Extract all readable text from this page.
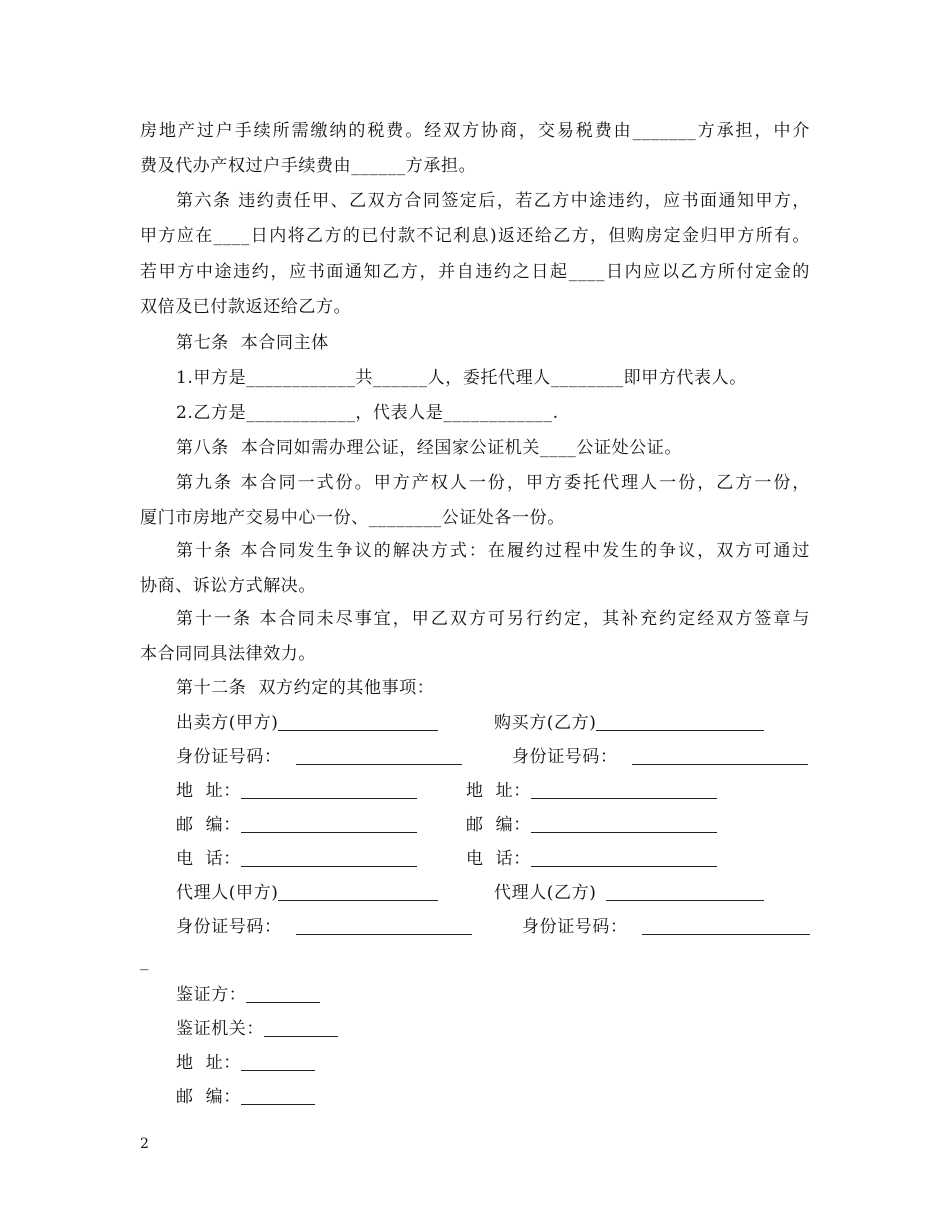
房地产过户手续所需缴纳的税费。经双方协商，交易税费由_______方承担，中介
费及代办产权过户手续费由______方承担。
第六条 违约责任甲、乙双方合同签定后，若乙方中途违约，应书面通知甲方，
甲方应在____日内将乙方的已付款不记利息)返还给乙方，但购房定金归甲方所有。
若甲方中途违约，应书面通知乙方，并自违约之日起____日内应以乙方所付定金的
双倍及已付款返还给乙方。
第七条  本合同主体
1.甲方是____________共______人，委托代理人________即甲方代表人。
2.乙方是____________，代表人是____________.
第八条  本合同如需办理公证，经国家公证机关____公证处公证。
第九条 本合同一式份。甲方产权人一份，甲方委托代理人一份，乙方一份，
厦门市房地产交易中心一份、________公证处各一份。
第十条 本合同发生争议的解决方式：在履约过程中发生的争议，双方可通过
协商、诉讼方式解决。
第十一条 本合同未尽事宜，甲乙双方可另行约定，其补充约定经双方签章与
本合同同具法律效力。
第十二条  双方约定的其他事项：
出卖方(甲方)	购买方(乙方)
身份证号码：	身份证号码：
地  址：	地  址：
邮  编：	邮  编：
电  话：	电  话：
代理人(甲方)	代理人(乙方)
身份证号码：	身份证号码：
_
鉴证方：
鉴证机关：
地  址：
邮  编：
2
